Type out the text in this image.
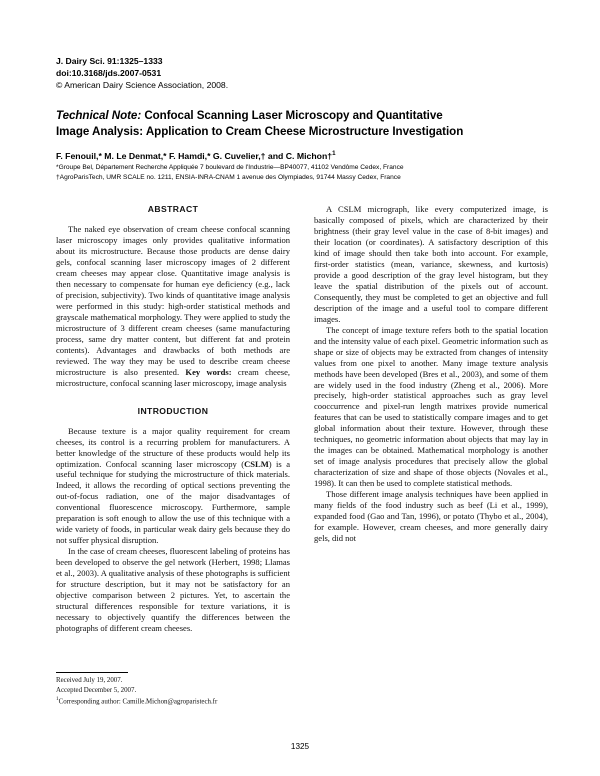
J. Dairy Sci. 91:1325–1333
doi:10.3168/jds.2007-0531
© American Dairy Science Association, 2008.
Technical Note: Confocal Scanning Laser Microscopy and Quantitative
Image Analysis: Application to Cream Cheese Microstructure Investigation
F. Fenouil,* M. Le Denmat,* F. Hamdi,* G. Cuvelier,† and C. Michon†$^1$
*Groupe Bel, Département Recherche Appliquée 7 boulevard de l'Industrie—BP40077, 41102 Vendôme Cedex, France
†AgroParisTech, UMR SCALE no. 1211, ENSIA-INRA-CNAM 1 avenue des Olympiades, 91744 Massy Cedex, France
ABSTRACT

The naked eye observation of cream cheese confocal scanning laser microscopy images only provides qualitative information about its microstructure. Because those products are dense dairy gels, confocal scanning laser microscopy images of 2 different cream cheeses may appear close. Quantitative image analysis is then necessary to compensate for human eye deficiency (e.g., lack of precision, subjectivity). Two kinds of quantitative image analysis were performed in this study: high-order statistical methods and grayscale mathematical morphology. They were applied to study the microstructure of 3 different cream cheeses (same manufacturing process, same dry matter content, but different fat and protein contents). Advantages and drawbacks of both methods are reviewed. The way they may be used to describe cream cheese microstructure is also presented. Key words: cream cheese, microstructure, confocal scanning laser microscopy, image analysis

INTRODUCTION

Because texture is a major quality requirement for cream cheeses, its control is a recurring problem for manufacturers. A better knowledge of the structure of these products would help its optimization. Confocal scanning laser microscopy (CSLM) is a useful technique for studying the microstructure of thick materials. Indeed, it allows the recording of optical sections preventing the out-of-focus radiation, one of the major disadvantages of conventional fluorescence microscopy. Furthermore, sample preparation is soft enough to allow the use of this technique with a wide variety of foods, in particular weak dairy gels because they do not suffer physical disruption.

In the case of cream cheeses, fluorescent labeling of proteins has been developed to observe the gel network (Herbert, 1998; Llamas et al., 2003). A qualitative analysis of these photographs is sufficient for structure description, but it may not be satisfactory for an objective comparison between 2 pictures. Yet, to ascertain the structural differences responsible for texture variations, it is necessary to objectively quantify the differences between the photographs of different cream cheeses.

A CSLM micrograph, like every computerized image, is basically composed of pixels, which are characterized by their brightness (their gray level value in the case of 8-bit images) and their location (or coordinates). A satisfactory description of this kind of image should then take both into account. For example, first-order statistics (mean, variance, skewness, and kurtosis) provide a good description of the gray level histogram, but they leave the spatial distribution of the pixels out of account. Consequently, they must be completed to get an objective and full description of the image and a useful tool to compare different images.

The concept of image texture refers both to the spatial location and the intensity value of each pixel. Geometric information such as shape or size of objects may be extracted from changes of intensity values from one pixel to another. Many image texture analysis methods have been developed (Bres et al., 2003), and some of them are widely used in the food industry (Zheng et al., 2006). More precisely, high-order statistical approaches such as gray level cooccurrence and pixel-run length matrixes provide numerical features that can be used to statistically compare images and to get global information about their texture. However, through these techniques, no geometric information about objects that may lay in the images can be obtained. Mathematical morphology is another set of image analysis procedures that precisely allow the global characterization of size and shape of those objects (Novales et al., 1998). It can then be used to complete statistical methods.

Those different image analysis techniques have been applied in many fields of the food industry such as beef (Li et al., 1999), expanded food (Gao and Tan, 1996), or potato (Thybo et al., 2004), for example. However, cream cheeses, and more generally dairy gels, did not

Received July 19, 2007.
Accepted December 5, 2007.
$^1$Corresponding author: Camille.Michon@agroparistech.fr
1325
